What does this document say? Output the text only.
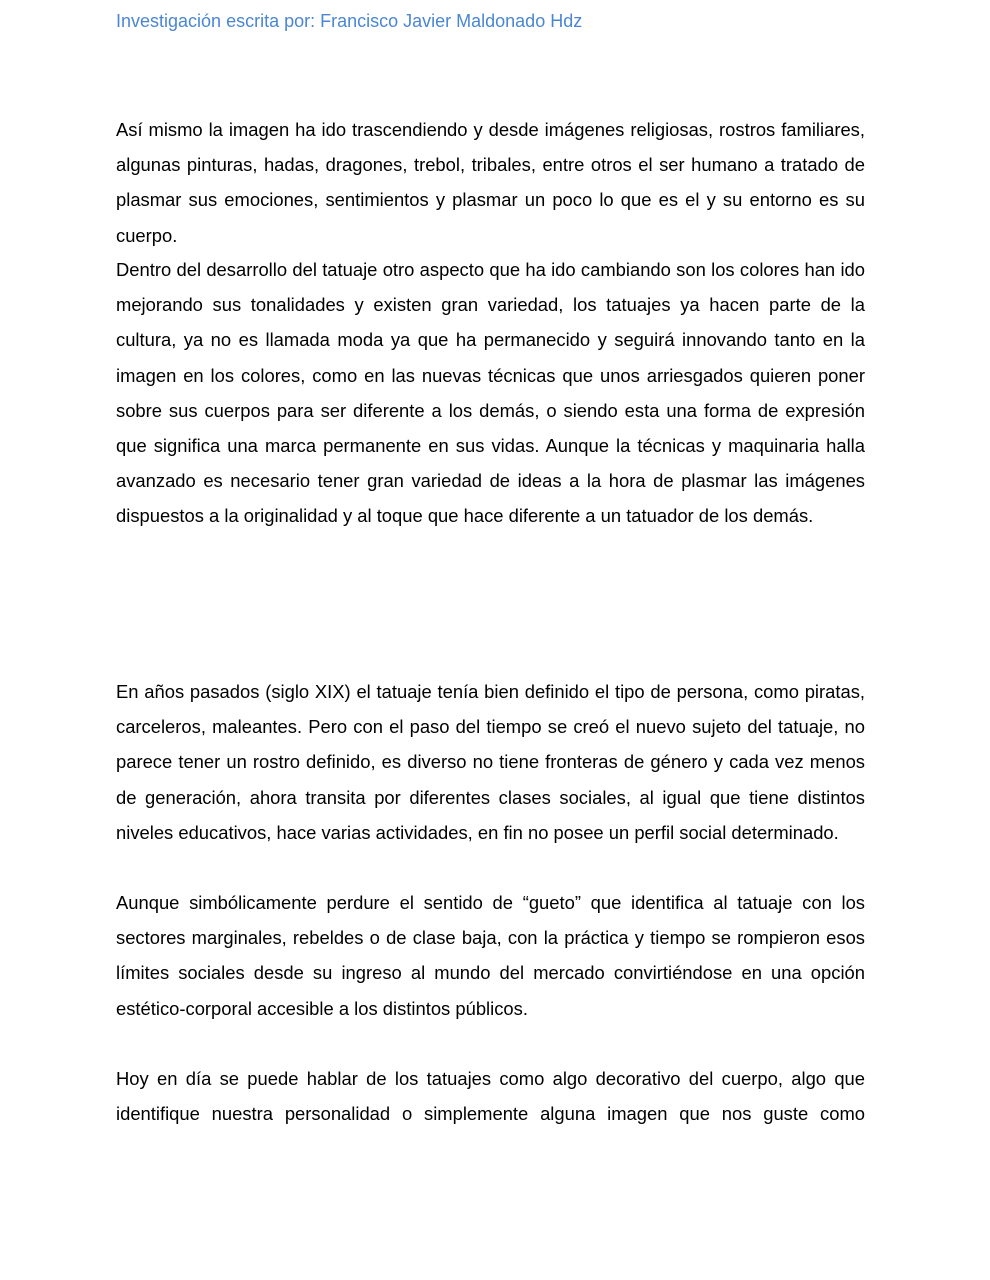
Investigación escrita por: Francisco Javier Maldonado Hdz

Así mismo la imagen ha ido trascendiendo y desde imágenes religiosas, rostros familiares, algunas pinturas, hadas, dragones, trebol, tribales, entre otros el ser humano a tratado de plasmar sus emociones, sentimientos y plasmar un poco lo que es el y su entorno es su cuerpo.

Dentro del desarrollo del tatuaje otro aspecto que ha ido cambiando son los colores han ido mejorando sus tonalidades y existen gran variedad, los tatuajes ya hacen parte de la cultura, ya no es llamada moda ya que ha permanecido y seguirá innovando tanto en la imagen en los colores, como en las nuevas técnicas que unos arriesgados quieren poner sobre sus cuerpos para ser diferente a los demás, o siendo esta una forma de expresión que significa una marca permanente en sus vidas. Aunque la técnicas y maquinaria halla avanzado es necesario tener gran variedad de ideas a la hora de plasmar las imágenes dispuestos a la originalidad y al toque que hace diferente a un tatuador de los demás.

En años pasados (siglo XIX) el tatuaje tenía bien definido el tipo de persona, como piratas, carceleros, maleantes. Pero con el paso del tiempo se creó el nuevo sujeto del tatuaje, no parece tener un rostro definido, es diverso no tiene fronteras de género y cada vez menos de generación, ahora transita por diferentes clases sociales, al igual que tiene distintos niveles educativos, hace varias actividades, en fin no posee un perfil social determinado.

Aunque simbólicamente perdure el sentido de “gueto” que identifica al tatuaje con los sectores marginales, rebeldes o de clase baja, con la práctica y tiempo se rompieron esos límites sociales desde su ingreso al mundo del mercado convirtiéndose en una opción estético-corporal accesible a los distintos públicos.

Hoy en día se puede hablar de los tatuajes como algo decorativo del cuerpo, algo que identifique nuestra personalidad o simplemente alguna imagen que nos guste como
